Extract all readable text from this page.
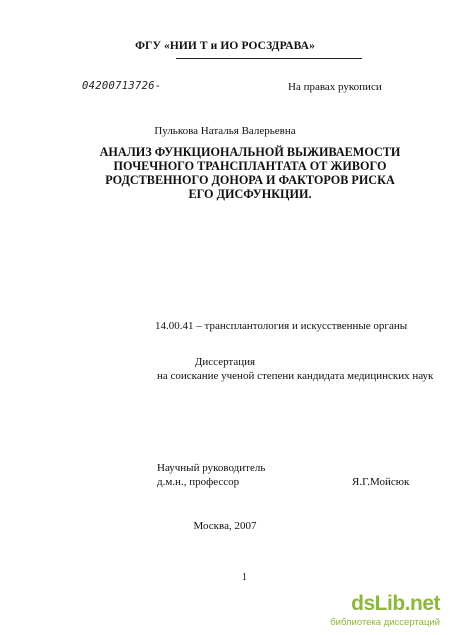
ФГУ «НИИ Т и ИО РОСЗДРАВА»
04200713726-	На правах рукописи
Пулькова Наталья Валерьевна
АНАЛИЗ ФУНКЦИОНАЛЬНОЙ ВЫЖИВАЕМОСТИ
ПОЧЕЧНОГО ТРАНСПЛАНТАТА ОТ ЖИВОГО
РОДСТВЕННОГО ДОНОРА И ФАКТОРОВ РИСКА
ЕГО ДИСФУНКЦИИ.
14.00.41 – трансплантология и искусственные органы
Диссертация
на соискание ученой степени кандидата медицинских наук
Научный руководитель
д.м.н., профессор	Я.Г.Мойсюк
Москва, 2007
1
dsLib.net
библиотека диссертаций
